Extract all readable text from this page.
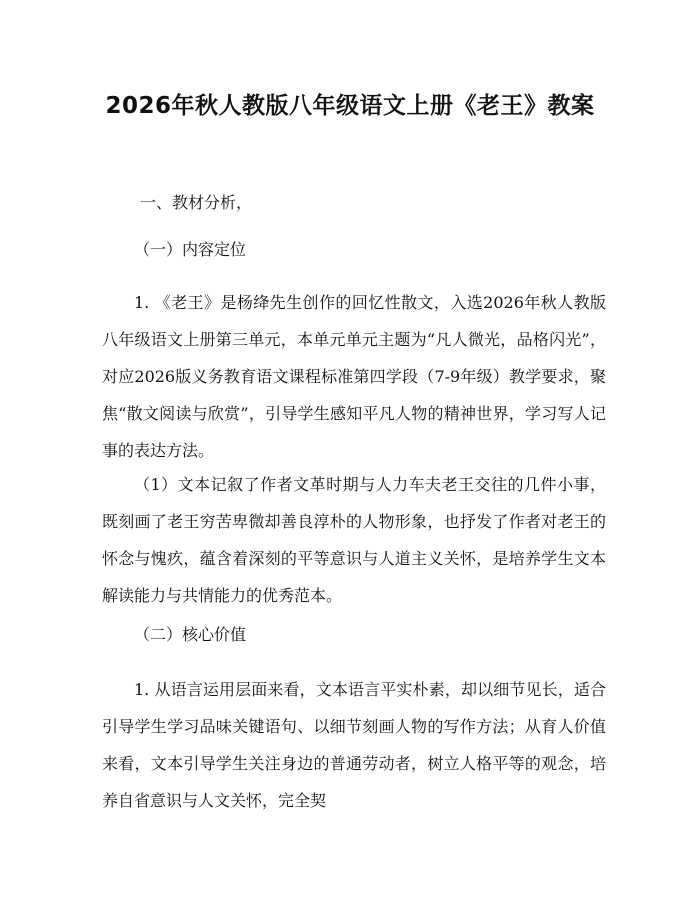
2026年秋人教版八年级语文上册《老王》教案

一、教材分析，

（一）内容定位

1. 《老王》是杨绛先生创作的回忆性散文，入选2026年秋人教版八年级语文上册第三单元，本单元单元主题为“凡人微光，品格闪光”，对应2026版义务教育语文课程标准第四学段（7-9年级）教学要求，聚焦“散文阅读与欣赏”，引导学生感知平凡人物的精神世界，学习写人记事的表达方法。

（1）文本记叙了作者文革时期与人力车夫老王交往的几件小事，既刻画了老王穷苦卑微却善良淳朴的人物形象，也抒发了作者对老王的怀念与愧疚，蕴含着深刻的平等意识与人道主义关怀，是培养学生文本解读能力与共情能力的优秀范本。

（二）核心价值

1. 从语言运用层面来看，文本语言平实朴素，却以细节见长，适合引导学生学习品味关键语句、以细节刻画人物的写作方法；从育人价值来看，文本引导学生关注身边的普通劳动者，树立人格平等的观念，培养自省意识与人文关怀，完全契
